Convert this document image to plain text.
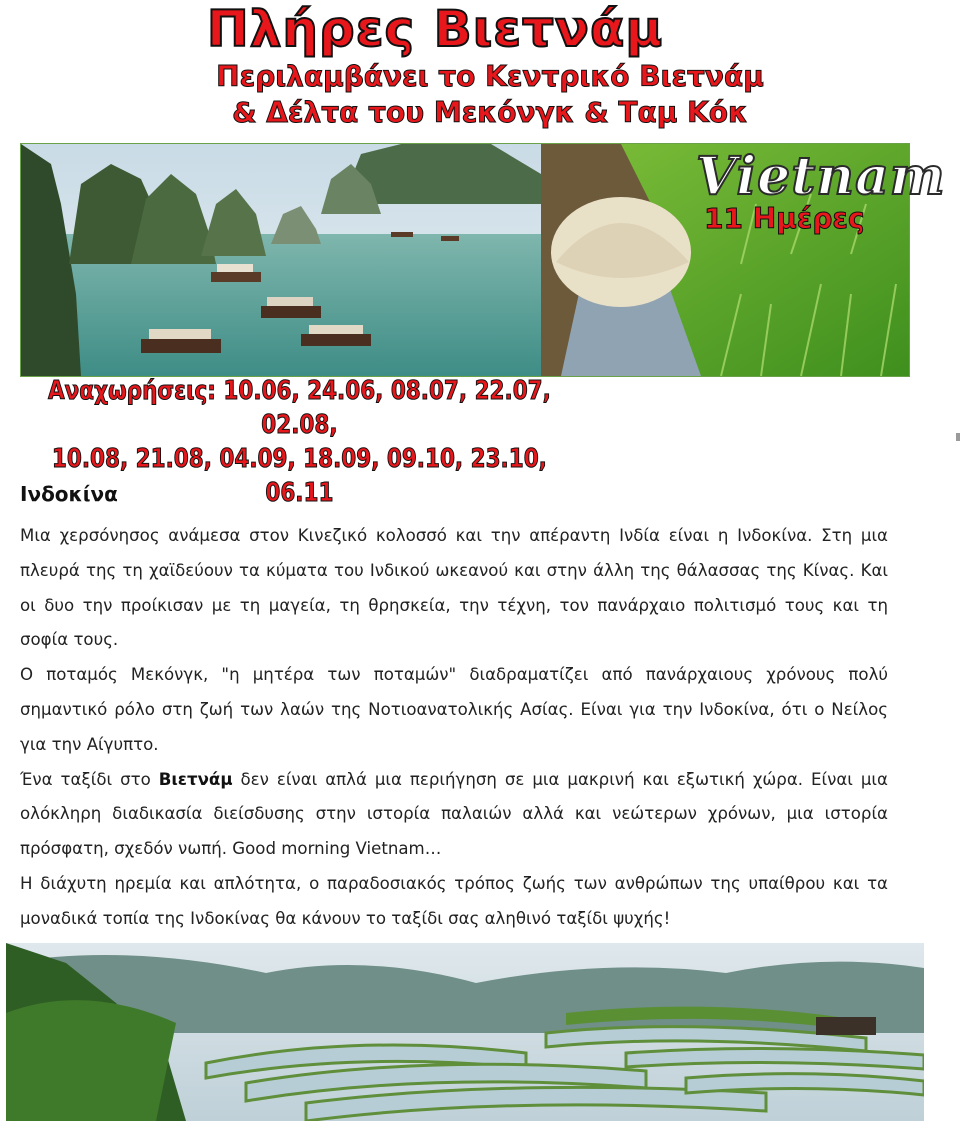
Πλήρες Βιετνάμ
Περιλαμβάνει το Κεντρικό Βιετνάμ
& Δέλτα του Μεκόνγκ & Ταμ Κόκ
Vietnam
11 Ημέρες
Αναχωρήσεις: 10.06, 24.06, 08.07, 22.07, 02.08,
10.08, 21.08, 04.09, 18.09, 09.10, 23.10, 06.11
Ινδοκίνα

Μια χερσόνησος ανάμεσα στον Κινεζικό κολοσσό και την απέραντη Ινδία είναι η Ινδοκίνα. Στη μια πλευρά της τη χαϊδεύουν τα κύματα του Ινδικού ωκεανού και στην άλλη της θάλασσας της Κίνας. Και οι δυο την προίκισαν με τη μαγεία, τη θρησκεία, την τέχνη, τον πανάρχαιο πολιτισμό τους και τη σοφία τους.

Ο ποταμός Μεκόνγκ, "η μητέρα των ποταμών" διαδραματίζει από πανάρχαιους χρόνους πολύ σημαντικό ρόλο στη ζωή των λαών της Νοτιοανατολικής Ασίας. Είναι για την Ινδοκίνα, ότι ο Νείλος για την Αίγυπτο.

Ένα ταξίδι στο Βιετνάμ δεν είναι απλά μια περιήγηση σε μια μακρινή και εξωτική χώρα. Είναι μια ολόκληρη διαδικασία διείσδυσης στην ιστορία παλαιών αλλά και νεώτερων χρόνων, μια ιστορία πρόσφατη, σχεδόν νωπή. Good morning Vietnam…

Η διάχυτη ηρεμία και απλότητα, ο παραδοσιακός τρόπος ζωής των ανθρώπων της υπαίθρου και τα μοναδικά τοπία της Ινδοκίνας θα κάνουν το ταξίδι σας αληθινό ταξίδι ψυχής!
